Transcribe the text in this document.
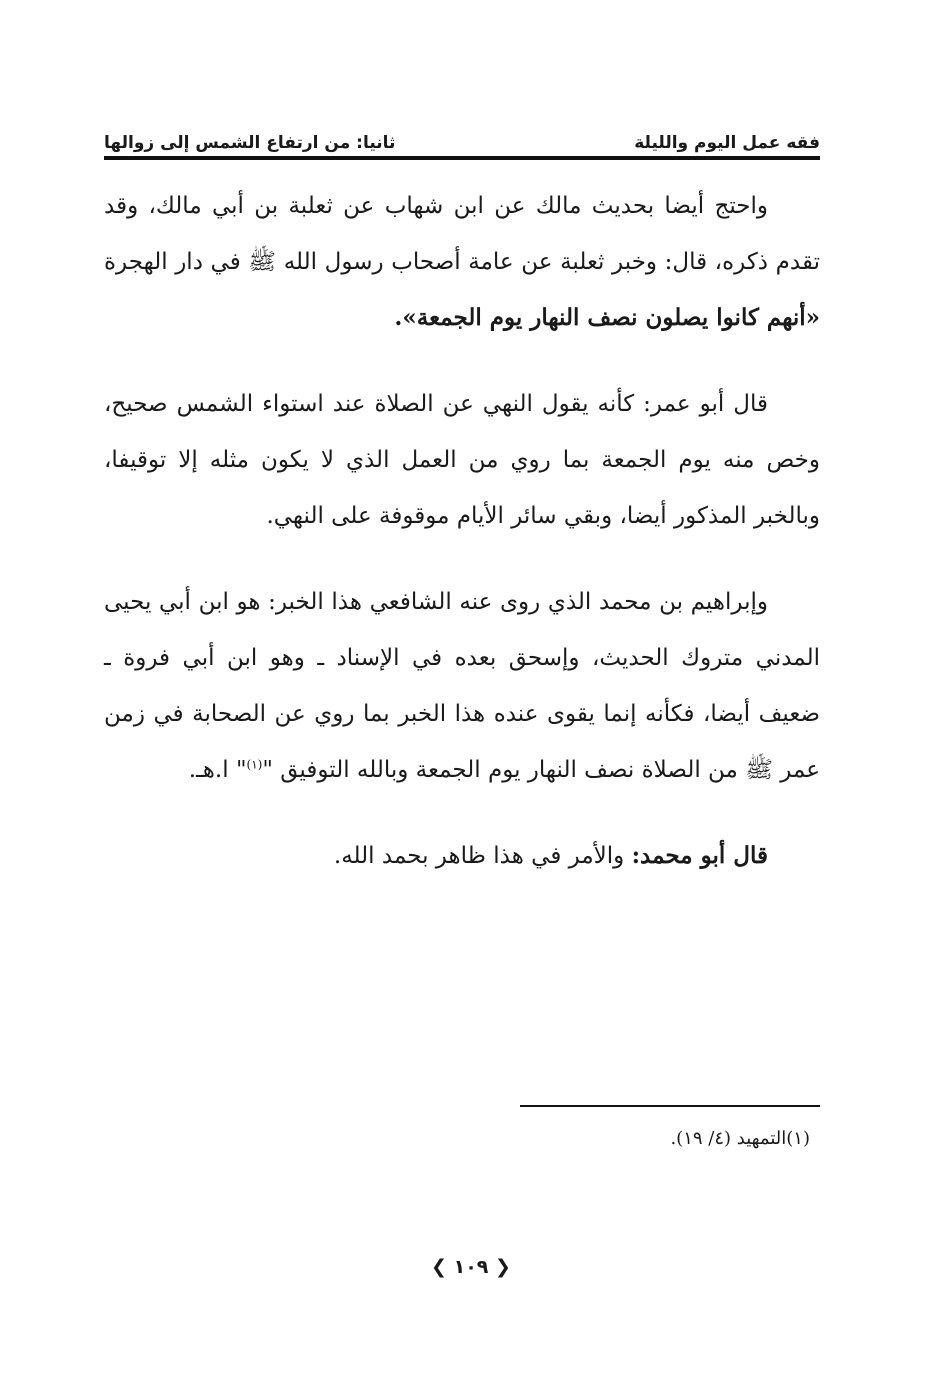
فقه عمل اليوم والليلة
ثانيا: من ارتفاع الشمس إلى زوالها

واحتج أيضا بحديث مالك عن ابن شهاب عن ثعلبة بن أبي مالك، وقد تقدم ذكره، قال: وخبر ثعلبة عن عامة أصحاب رسول الله ﷺ في دار الهجرة «أنهم كانوا يصلون نصف النهار يوم الجمعة».

قال أبو عمر: كأنه يقول النهي عن الصلاة عند استواء الشمس صحيح، وخص منه يوم الجمعة بما روي من العمل الذي لا يكون مثله إلا توقيفا، وبالخبر المذكور أيضا، وبقي سائر الأيام موقوفة على النهي.

وإبراهيم بن محمد الذي روى عنه الشافعي هذا الخبر: هو ابن أبي يحيى المدني متروك الحديث، وإسحق بعده في الإسناد ـ وهو ابن أبي فروة ـ ضعيف أيضا، فكأنه إنما يقوى عنده هذا الخبر بما روي عن الصحابة في زمن عمر ﷺ من الصلاة نصف النهار يوم الجمعة وبالله التوفيق "$^{(١)}$" ا.هـ.

قال أبو محمد: والأمر في هذا ظاهر بحمد الله.

(١)التمهيد (٤/ ١٩).
❮ ١٠٩ ❯
